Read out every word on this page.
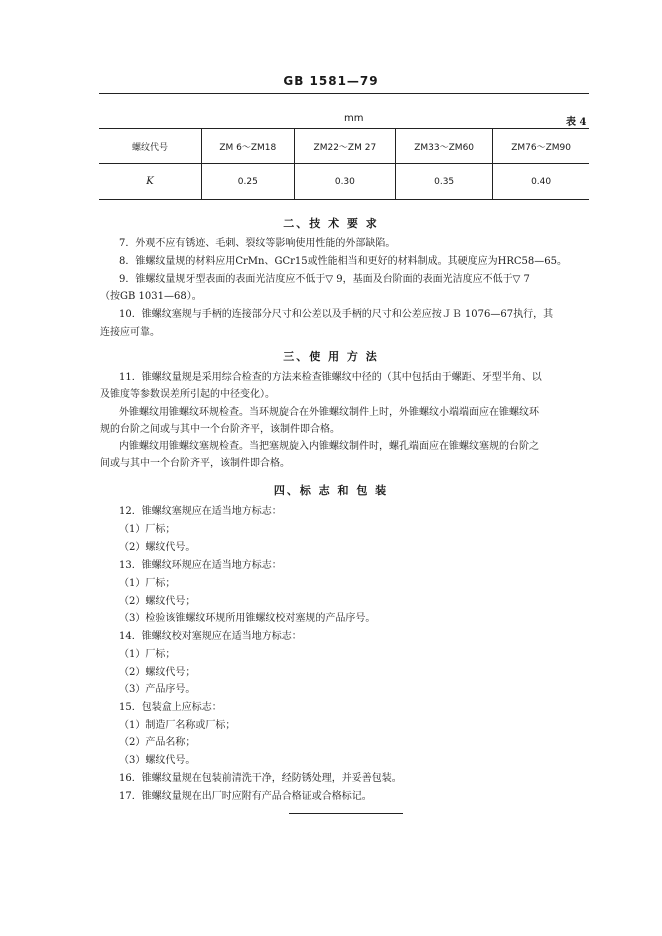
GB 1581—79
mm	表 4
螺纹代号	ZM 6～ZM18	ZM22～ZM 27	ZM33～ZM60	ZM76～ZM90
K	0.25	0.30	0.35	0.40
二、技 术 要 求
7．外观不应有锈迹、毛刺、裂纹等影响使用性能的外部缺陷。
8．锥螺纹量规的材料应用CrMn、GCr15或性能相当和更好的材料制成。其硬度应为HRC58—65。
9．锥螺纹量规牙型表面的表面光洁度应不低于▽ 9，基面及台阶面的表面光洁度应不低于▽ 7
（按GB 1031—68）。
10．锥螺纹塞规与手柄的连接部分尺寸和公差以及手柄的尺寸和公差应按ＪＢ 1076—67执行，其
连接应可靠。
三、使 用 方 法
11．锥螺纹量规是采用综合检查的方法来检查锥螺纹中径的（其中包括由于螺距、牙型半角、以
及锥度等参数误差所引起的中径变化）。
外锥螺纹用锥螺纹环规检查。当环规旋合在外锥螺纹制件上时，外锥螺纹小端端面应在锥螺纹环
规的台阶之间或与其中一个台阶齐平，该制件即合格。
内锥螺纹用锥螺纹塞规检查。当把塞规旋入内锥螺纹制件时，螺孔端面应在锥螺纹塞规的台阶之
间或与其中一个台阶齐平，该制件即合格。
四、标 志 和 包 装
12．锥螺纹塞规应在适当地方标志：
（1）厂标；
（2）螺纹代号。
13．锥螺纹环规应在适当地方标志：
（1）厂标；
（2）螺纹代号；
（3）检验该锥螺纹环规所用锥螺纹校对塞规的产品序号。
14．锥螺纹校对塞规应在适当地方标志：
（1）厂标；
（2）螺纹代号；
（3）产品序号。
15．包装盒上应标志：
（1）制造厂名称或厂标；
（2）产品名称；
（3）螺纹代号。
16．锥螺纹量规在包装前清洗干净，经防锈处理，并妥善包装。
17．锥螺纹量规在出厂时应附有产品合格证或合格标记。
